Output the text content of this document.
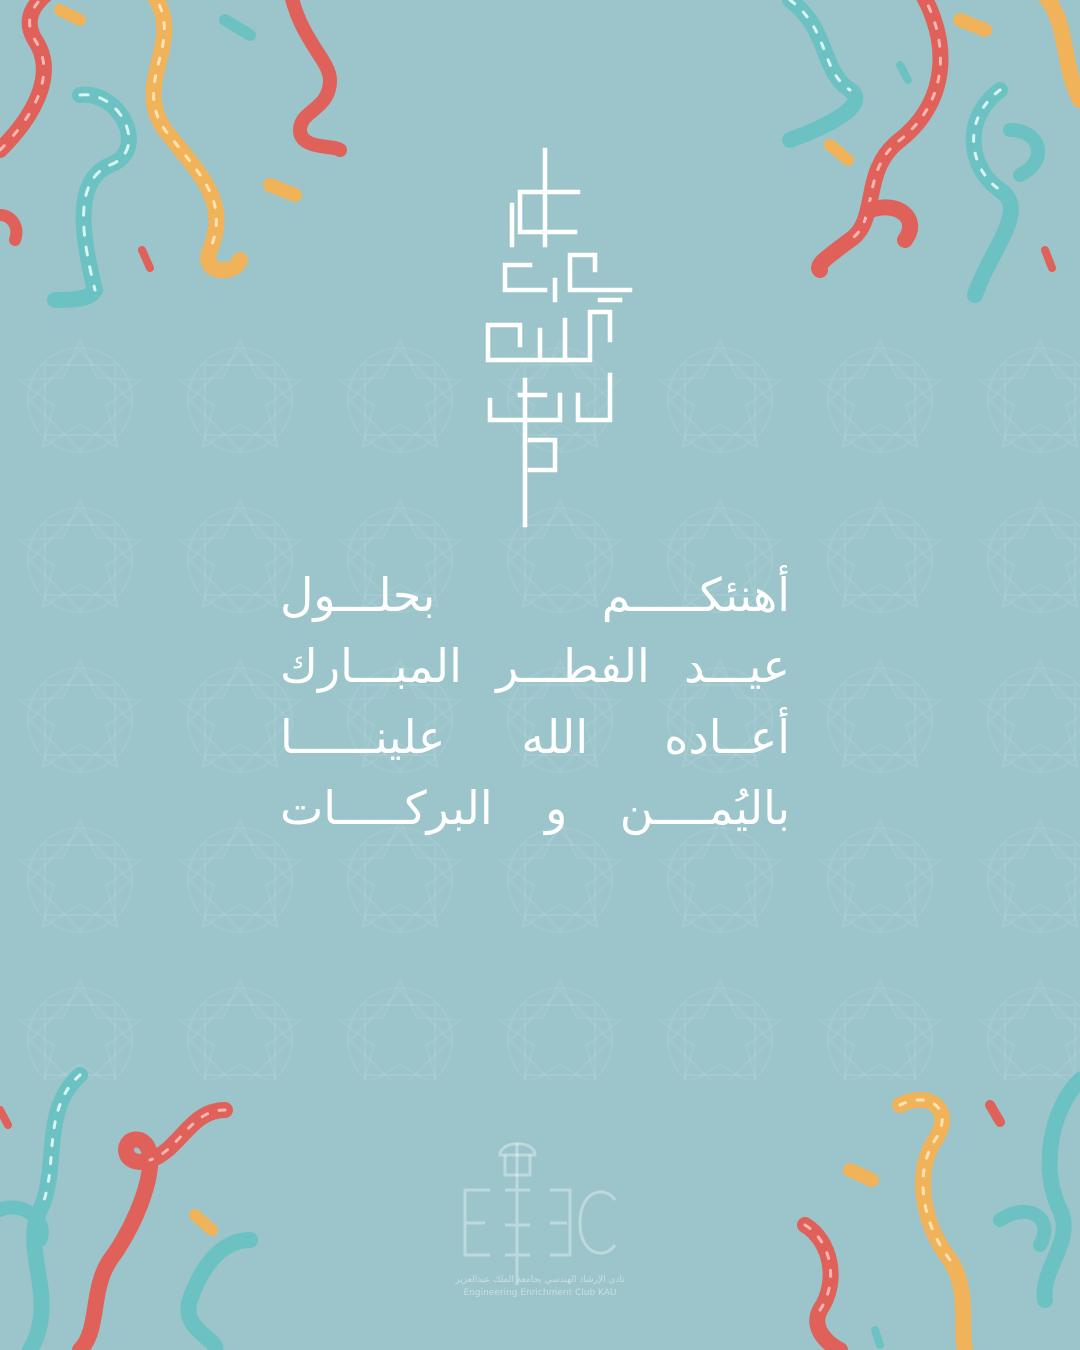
كل
أهنئكـــــم بحلـــول
عيـــد الفطـــر المبـــارك
أعــاده الله علينــــــا
باليُمــــن و البركـــــات
نادي الإرشاد الهندسي بجامعة الملك عبدالعزيز
Engineering Enrichment Club KAU
